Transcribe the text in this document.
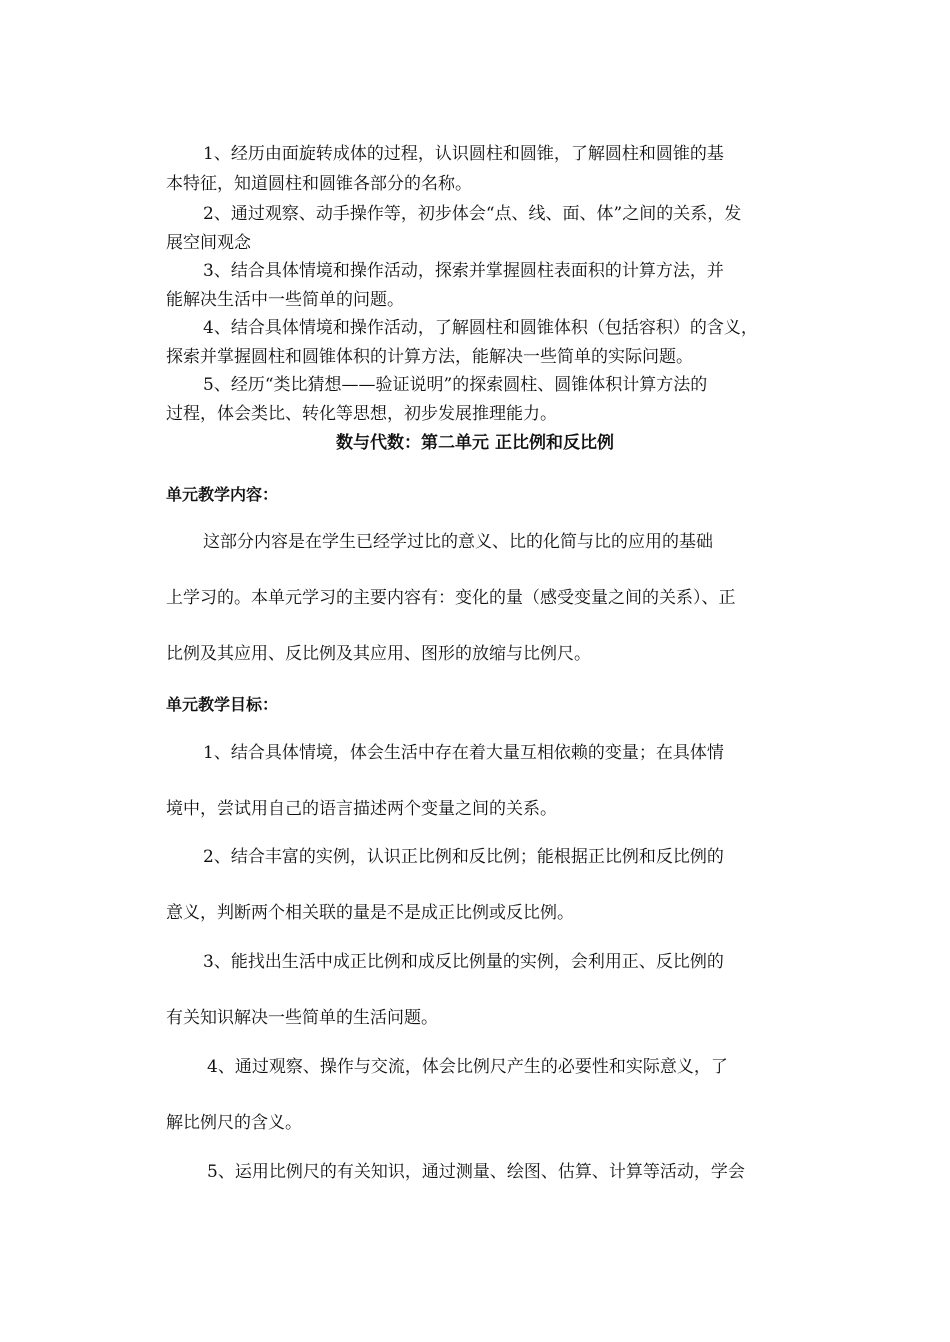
1、经历由面旋转成体的过程，认识圆柱和圆锥，了解圆柱和圆锥的基
本特征，知道圆柱和圆锥各部分的名称。
2、通过观察、动手操作等，初步体会“点、线、面、体”之间的关系，发
展空间观念
3、结合具体情境和操作活动，探索并掌握圆柱表面积的计算方法，并
能解决生活中一些简单的问题。
4、结合具体情境和操作活动，了解圆柱和圆锥体积（包括容积）的含义，
探索并掌握圆柱和圆锥体积的计算方法，能解决一些简单的实际问题。
5、经历“类比猜想——验证说明”的探索圆柱、圆锥体积计算方法的
过程，体会类比、转化等思想，初步发展推理能力。
数与代数：第二单元 正比例和反比例
单元教学内容：
这部分内容是在学生已经学过比的意义、比的化简与比的应用的基础
上学习的。本单元学习的主要内容有：变化的量（感受变量之间的关系）、正
比例及其应用、反比例及其应用、图形的放缩与比例尺。
单元教学目标：
1、结合具体情境，体会生活中存在着大量互相依赖的变量；在具体情
境中，尝试用自己的语言描述两个变量之间的关系。
2、结合丰富的实例，认识正比例和反比例；能根据正比例和反比例的
意义，判断两个相关联的量是不是成正比例或反比例。
3、能找出生活中成正比例和成反比例量的实例，会利用正、反比例的
有关知识解决一些简单的生活问题。
4、通过观察、操作与交流，体会比例尺产生的必要性和实际意义，了
解比例尺的含义。
5、运用比例尺的有关知识，通过测量、绘图、估算、计算等活动，学会
